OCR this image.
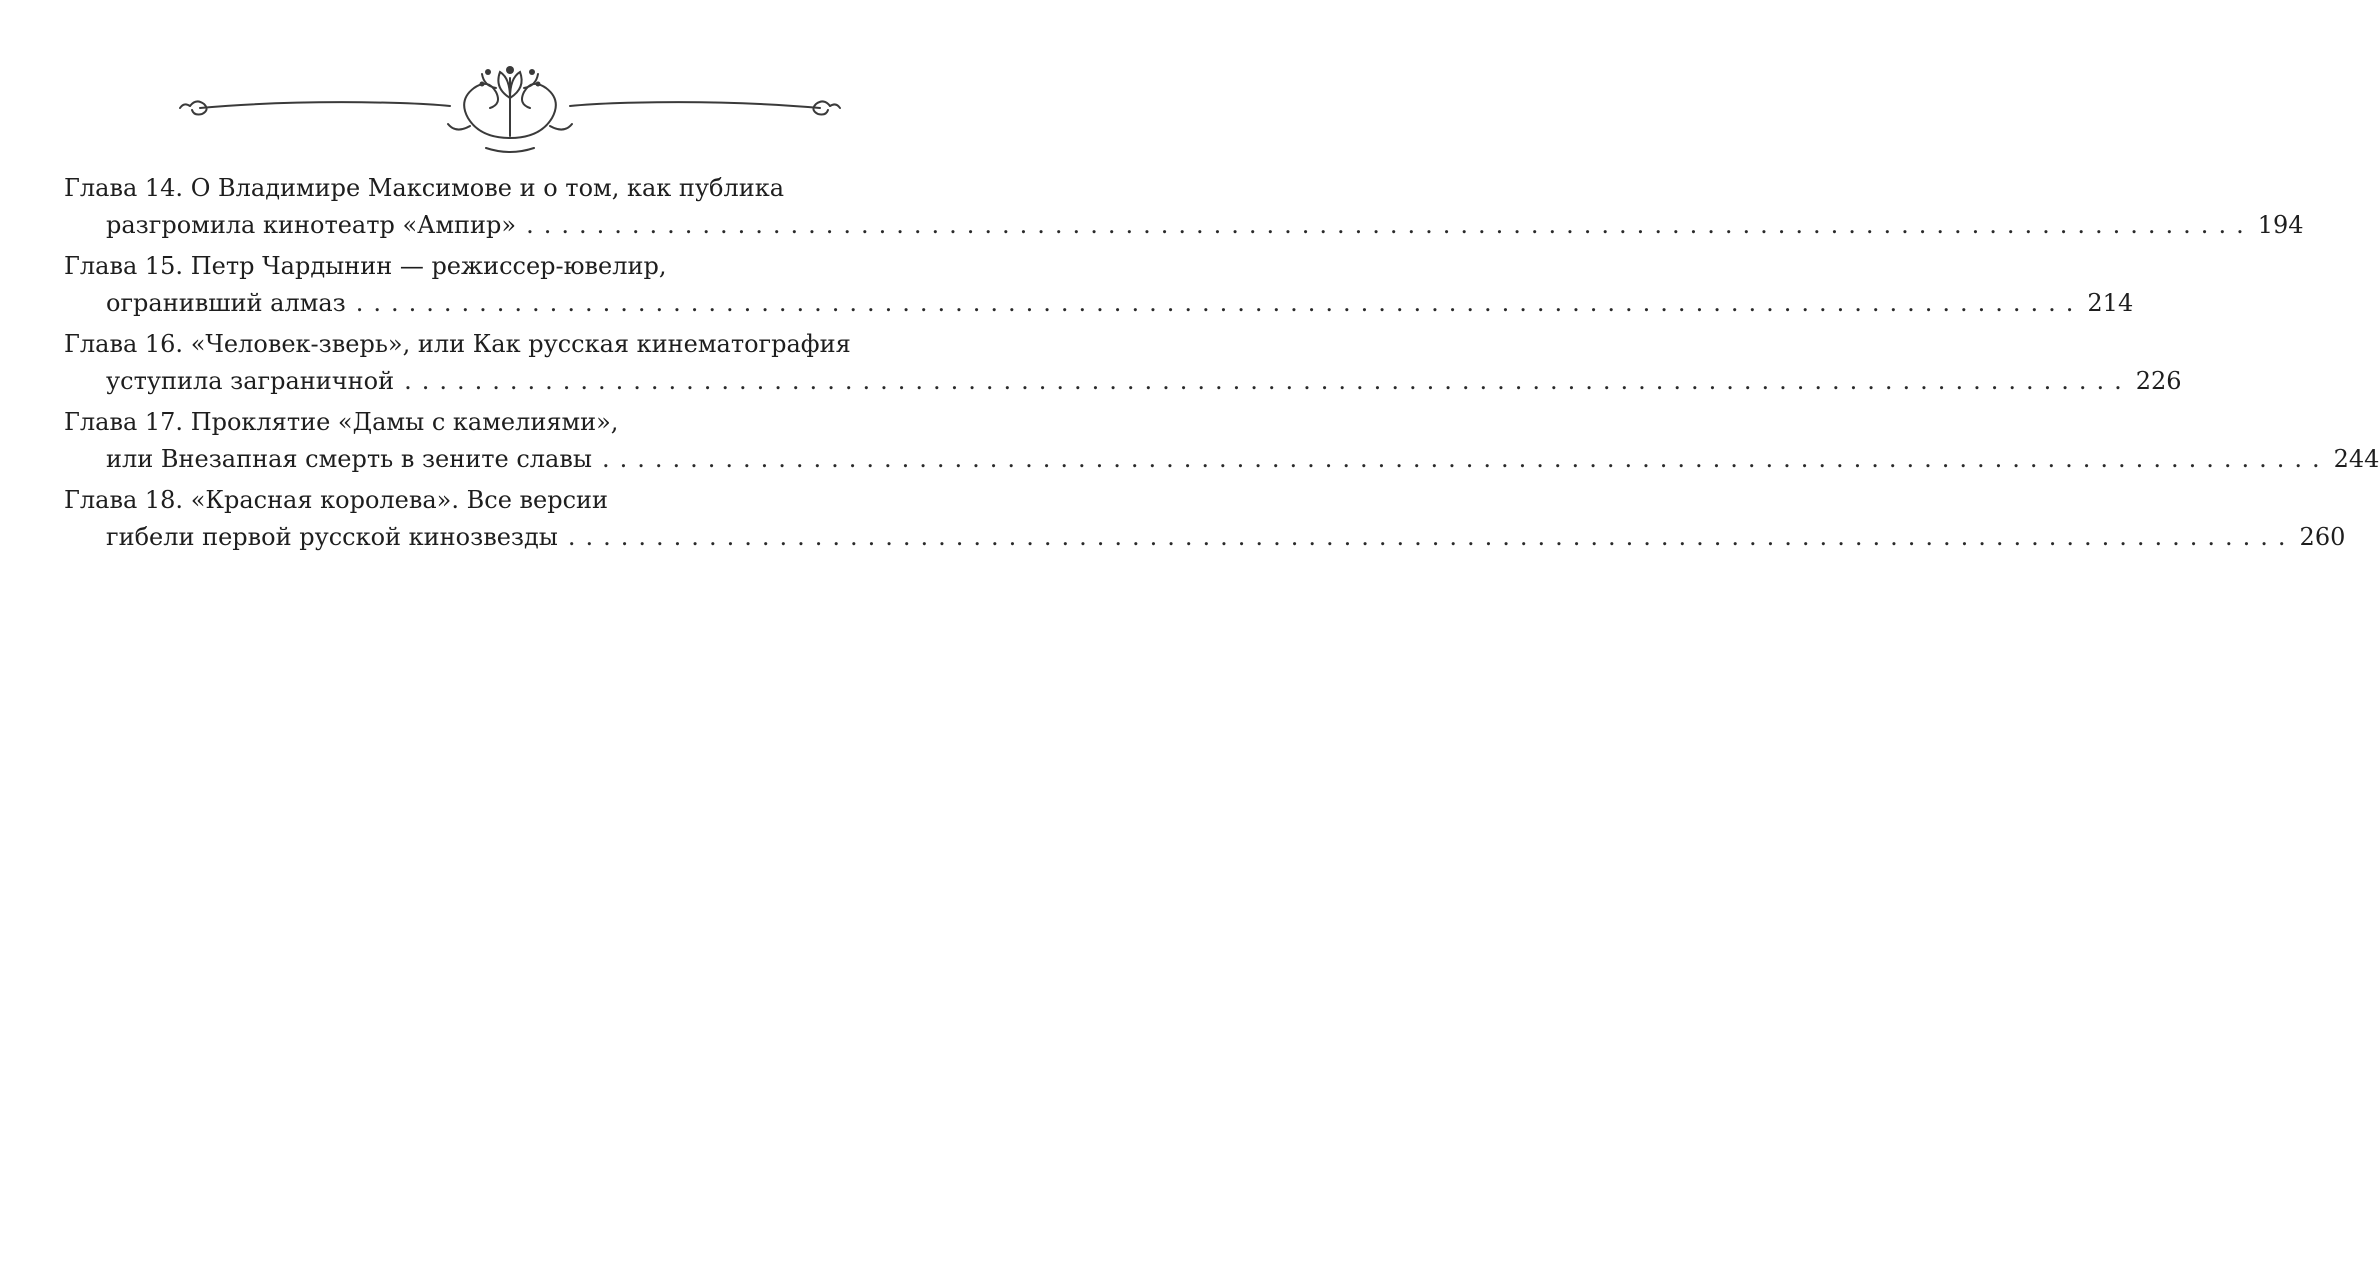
Глава 14. О Владимире Максимове и о том, как публика
разгромила кинотеатр «Ампир» .................................................................................................. 194
Глава 15. Петр Чардынин — режиссер-ювелир,
огранивший алмаз .................................................................................................. 214
Глава 16. «Человек-зверь», или Как русская кинематография
уступила заграничной .................................................................................................. 226
Глава 17. Проклятие «Дамы с камелиями»,
или Внезапная смерть в зените славы .................................................................................................. 244
Глава 18. «Красная королева». Все версии
гибели первой русской кинозвезды .................................................................................................. 260
